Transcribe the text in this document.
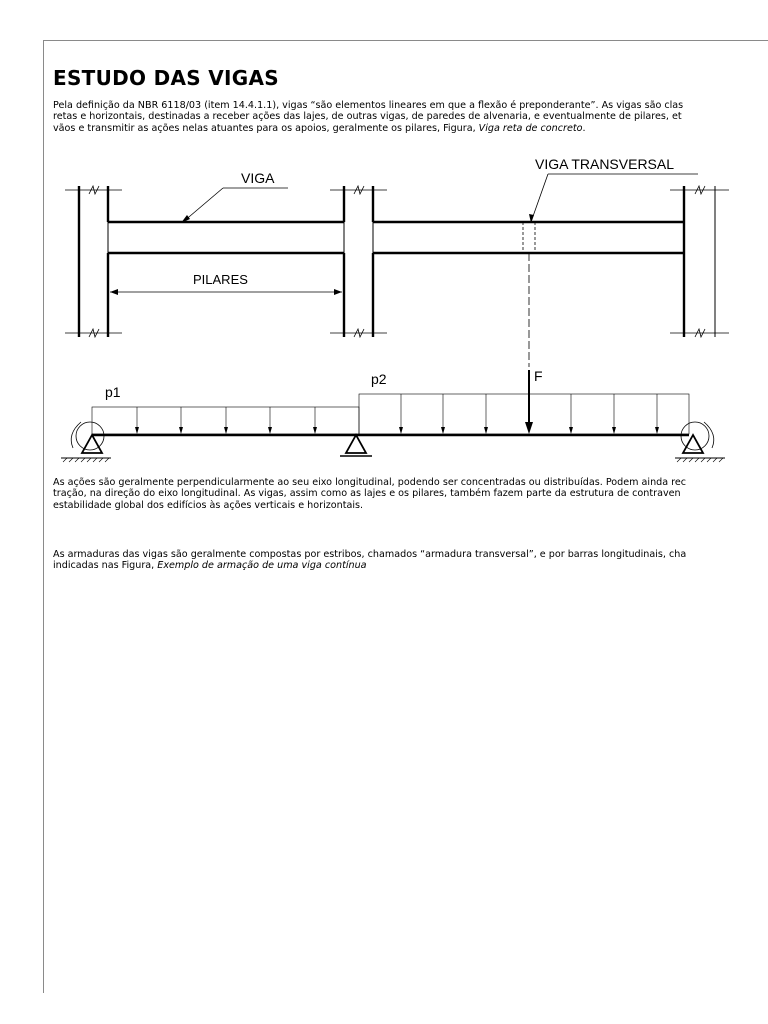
ESTUDO DAS VIGAS

Pela definição da NBR 6118/03 (item 14.4.1.1), vigas “são elementos lineares em que a flexão é preponderante”. As vigas são clas
retas e horizontais, destinadas a receber ações das lajes, de outras vigas, de paredes de alvenaria, e eventualmente de pilares, et
vãos e transmitir as ações nelas atuantes para os apoios, geralmente os pilares, Figura, Viga reta de concreto.

VIGA
VIGA TRANSVERSAL
PILARES
p1
p2	F

As ações são geralmente perpendicularmente ao seu eixo longitudinal, podendo ser concentradas ou distribuídas. Podem ainda rec
tração, na direção do eixo longitudinal. As vigas, assim como as lajes e os pilares, também fazem parte da estrutura de contraven
estabilidade global dos edifícios às ações verticais e horizontais.

As armaduras das vigas são geralmente compostas por estribos, chamados “armadura transversal”, e por barras longitudinais, cha
indicadas nas Figura, Exemplo de armação de uma viga contínua
